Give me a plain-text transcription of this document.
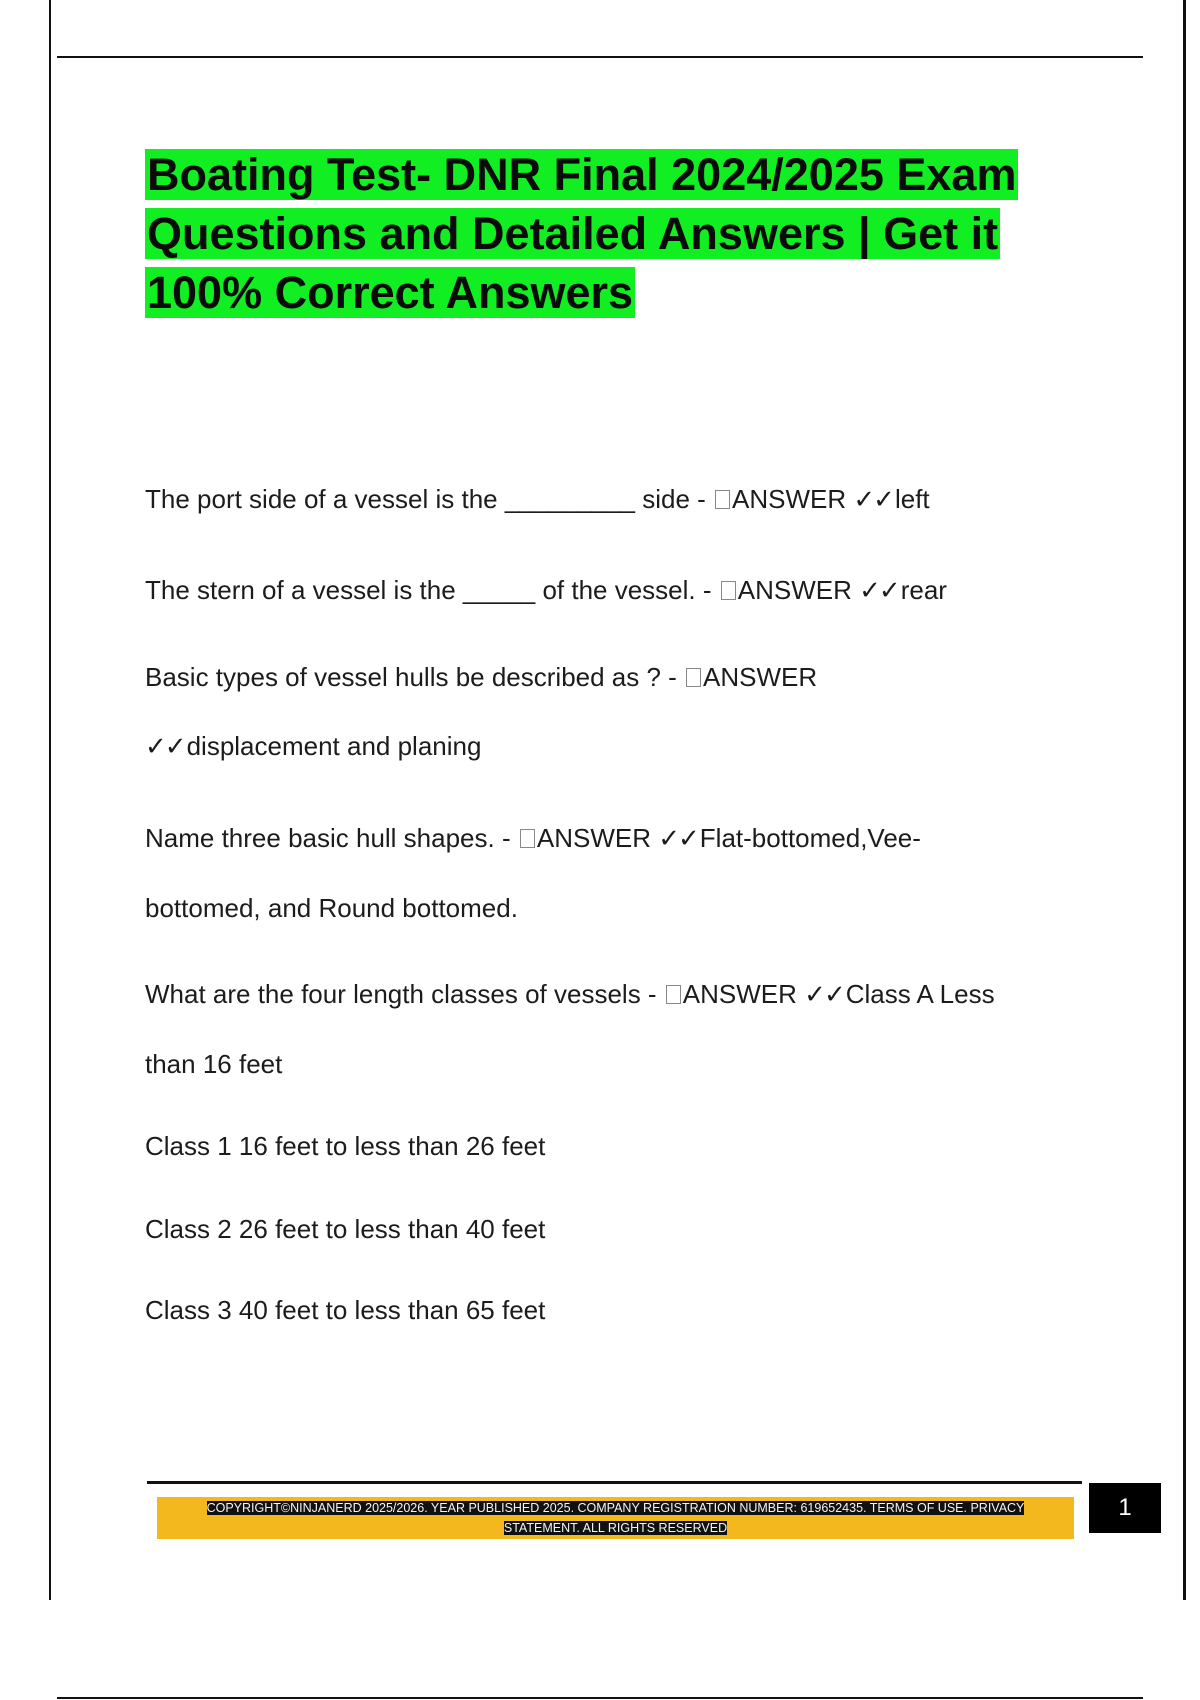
Boating Test- DNR Final 2024/2025 Exam Questions and Detailed Answers | Get it 100% Correct Answers
The port side of a vessel is the _________ side - ANSWER ✓✓left
The stern of a vessel is the _____ of the vessel. - ANSWER ✓✓rear
Basic types of vessel hulls be described as ? - ANSWER
✓✓displacement and planing
Name three basic hull shapes. - ANSWER ✓✓Flat-bottomed,Vee-
bottomed, and Round bottomed.
What are the four length classes of vessels - ANSWER ✓✓Class A Less
than 16 feet
Class 1 16 feet to less than 26 feet
Class 2 26 feet to less than 40 feet
Class 3 40 feet to less than 65 feet
COPYRIGHT©NINJANERD 2025/2026. YEAR PUBLISHED 2025. COMPANY REGISTRATION NUMBER: 619652435. TERMS OF USE. PRIVACY
STATEMENT. ALL RIGHTS RESERVED
1
